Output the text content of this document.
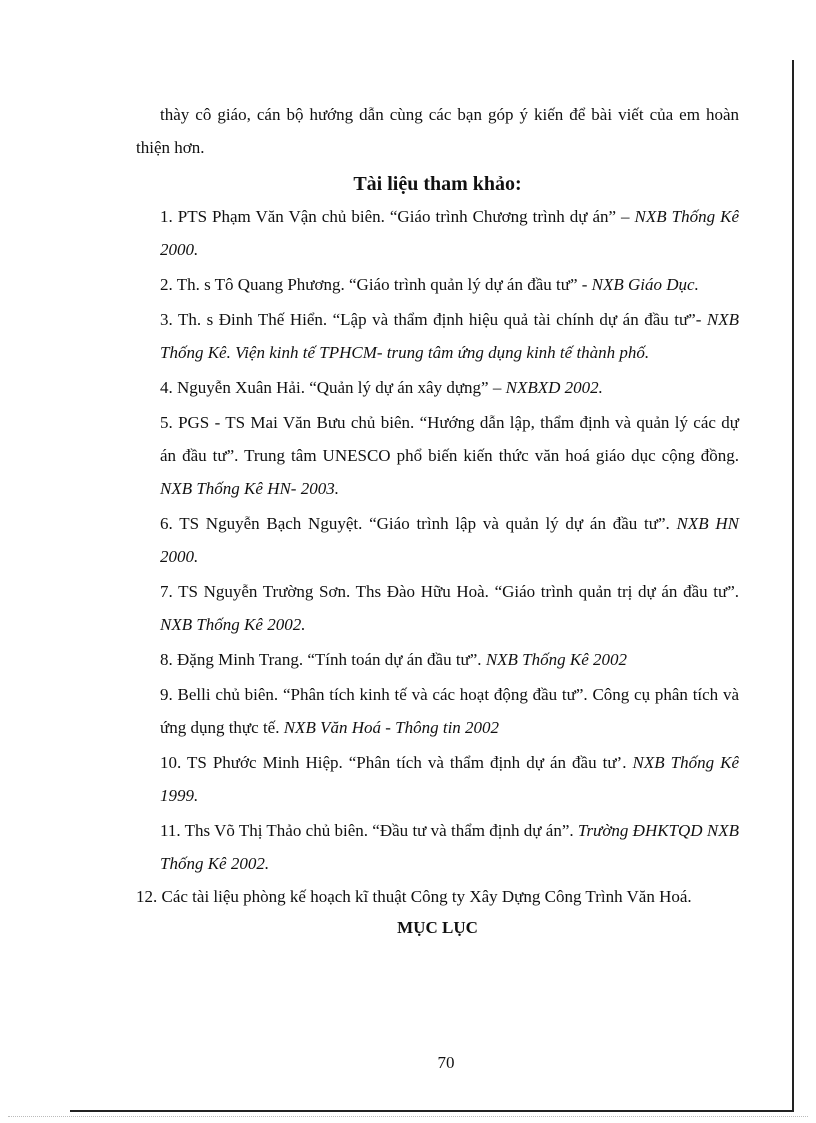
thày cô giáo, cán bộ hướng dẫn cùng các bạn góp ý kiến để bài viết của em hoàn thiện hơn.

Tài liệu tham khảo:

1. PTS Phạm Văn Vận chủ biên. “Giáo trình Chương trình dự án” – NXB Thống Kê 2000.

2. Th. s Tô Quang Phương. “Giáo trình quản lý dự án đầu tư” - NXB Giáo Dục.

3. Th. s Đinh Thế Hiển. “Lập và thẩm định hiệu quả tài chính dự án đầu tư”- NXB Thống Kê. Viện kinh tế TPHCM- trung tâm ứng dụng kinh tế thành phố.

4. Nguyễn Xuân Hải. “Quản lý dự án xây dựng” – NXBXD 2002.

5. PGS - TS Mai Văn Bưu chủ biên. “Hướng dẫn lập, thẩm định và quản lý các dự án đầu tư”. Trung tâm UNESCO phổ biến kiến thức văn hoá giáo dục cộng đồng. NXB Thống Kê HN- 2003.

6. TS Nguyễn Bạch Nguyệt. “Giáo trình lập và quản lý dự án đầu tư”. NXB HN 2000.

7. TS Nguyễn Trường Sơn. Ths Đào Hữu Hoà. “Giáo trình quản trị dự án đầu tư”. NXB Thống Kê 2002.

8. Đặng Minh Trang. “Tính toán dự án đầu tư”. NXB Thống Kê 2002

9. Belli chủ biên. “Phân tích kinh tế và các hoạt động đầu tư”. Công cụ phân tích và ứng dụng thực tế. NXB Văn Hoá - Thông tin 2002

10. TS Phước Minh Hiệp. “Phân tích và thẩm định dự án đầu tư’. NXB Thống Kê 1999.

11. Ths Võ Thị Thảo chủ biên. “Đầu tư và thẩm định dự án”. Trường ĐHKTQD NXB Thống Kê 2002.

12. Các tài liệu phòng kế hoạch kĩ thuật Công ty Xây Dựng Công Trình Văn Hoá.

MỤC LỤC
70
